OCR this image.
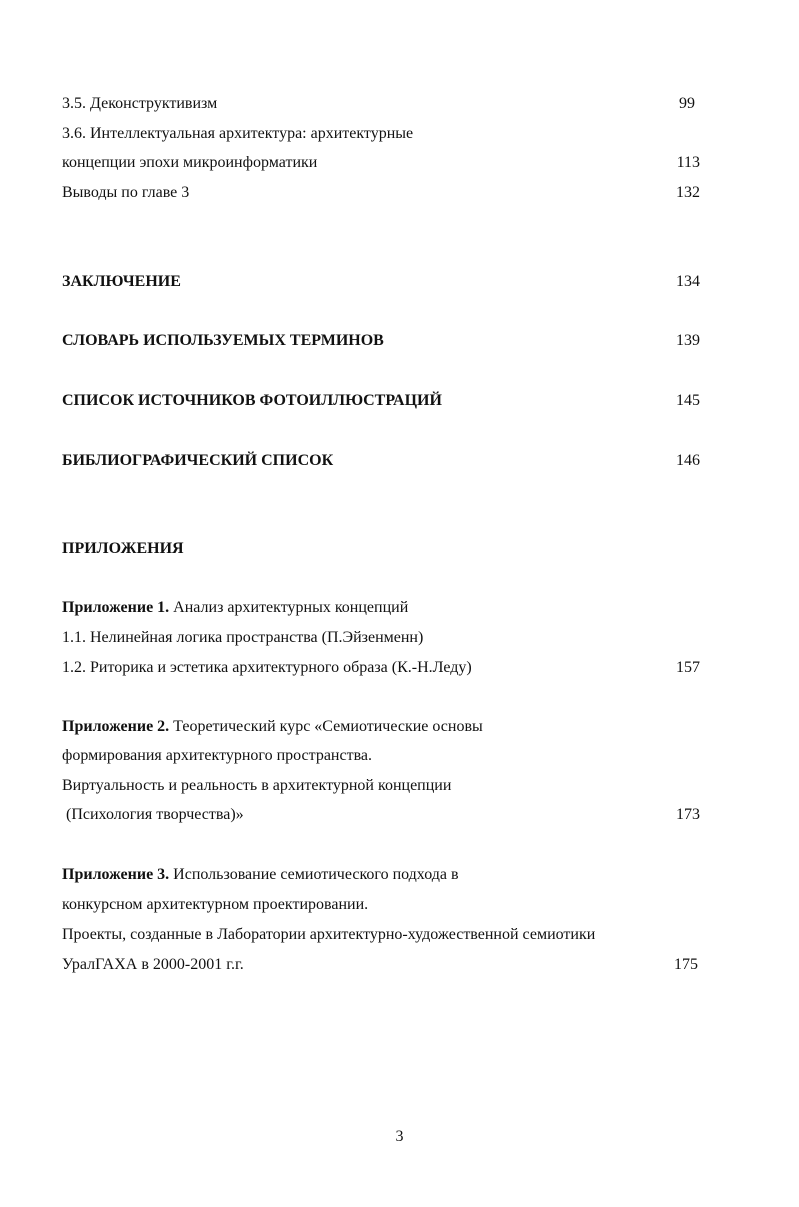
3.5. Деконструктивизм	99
3.6. Интеллектуальная архитектура: архитектурные
концепции эпохи микроинформатики	113
Выводы по главе 3	132
ЗАКЛЮЧЕНИЕ	134
СЛОВАРЬ ИСПОЛЬЗУЕМЫХ ТЕРМИНОВ	139
СПИСОК ИСТОЧНИКОВ ФОТОИЛЛЮСТРАЦИЙ	145
БИБЛИОГРАФИЧЕСКИЙ СПИСОК	146
ПРИЛОЖЕНИЯ
Приложение 1. Анализ архитектурных концепций
1.1. Нелинейная логика пространства (П.Эйзенменн)
1.2. Риторика и эстетика архитектурного образа (К.-Н.Леду)	157
Приложение 2. Теоретический курс «Семиотические основы
формирования архитектурного пространства.
Виртуальность и реальность в архитектурной концепции
(Психология творчества)»	173
Приложение 3. Использование семиотического подхода в
конкурсном архитектурном проектировании.
Проекты, созданные в Лаборатории архитектурно-художественной семиотики
УралГАХА в 2000-2001 г.г.	175
3
